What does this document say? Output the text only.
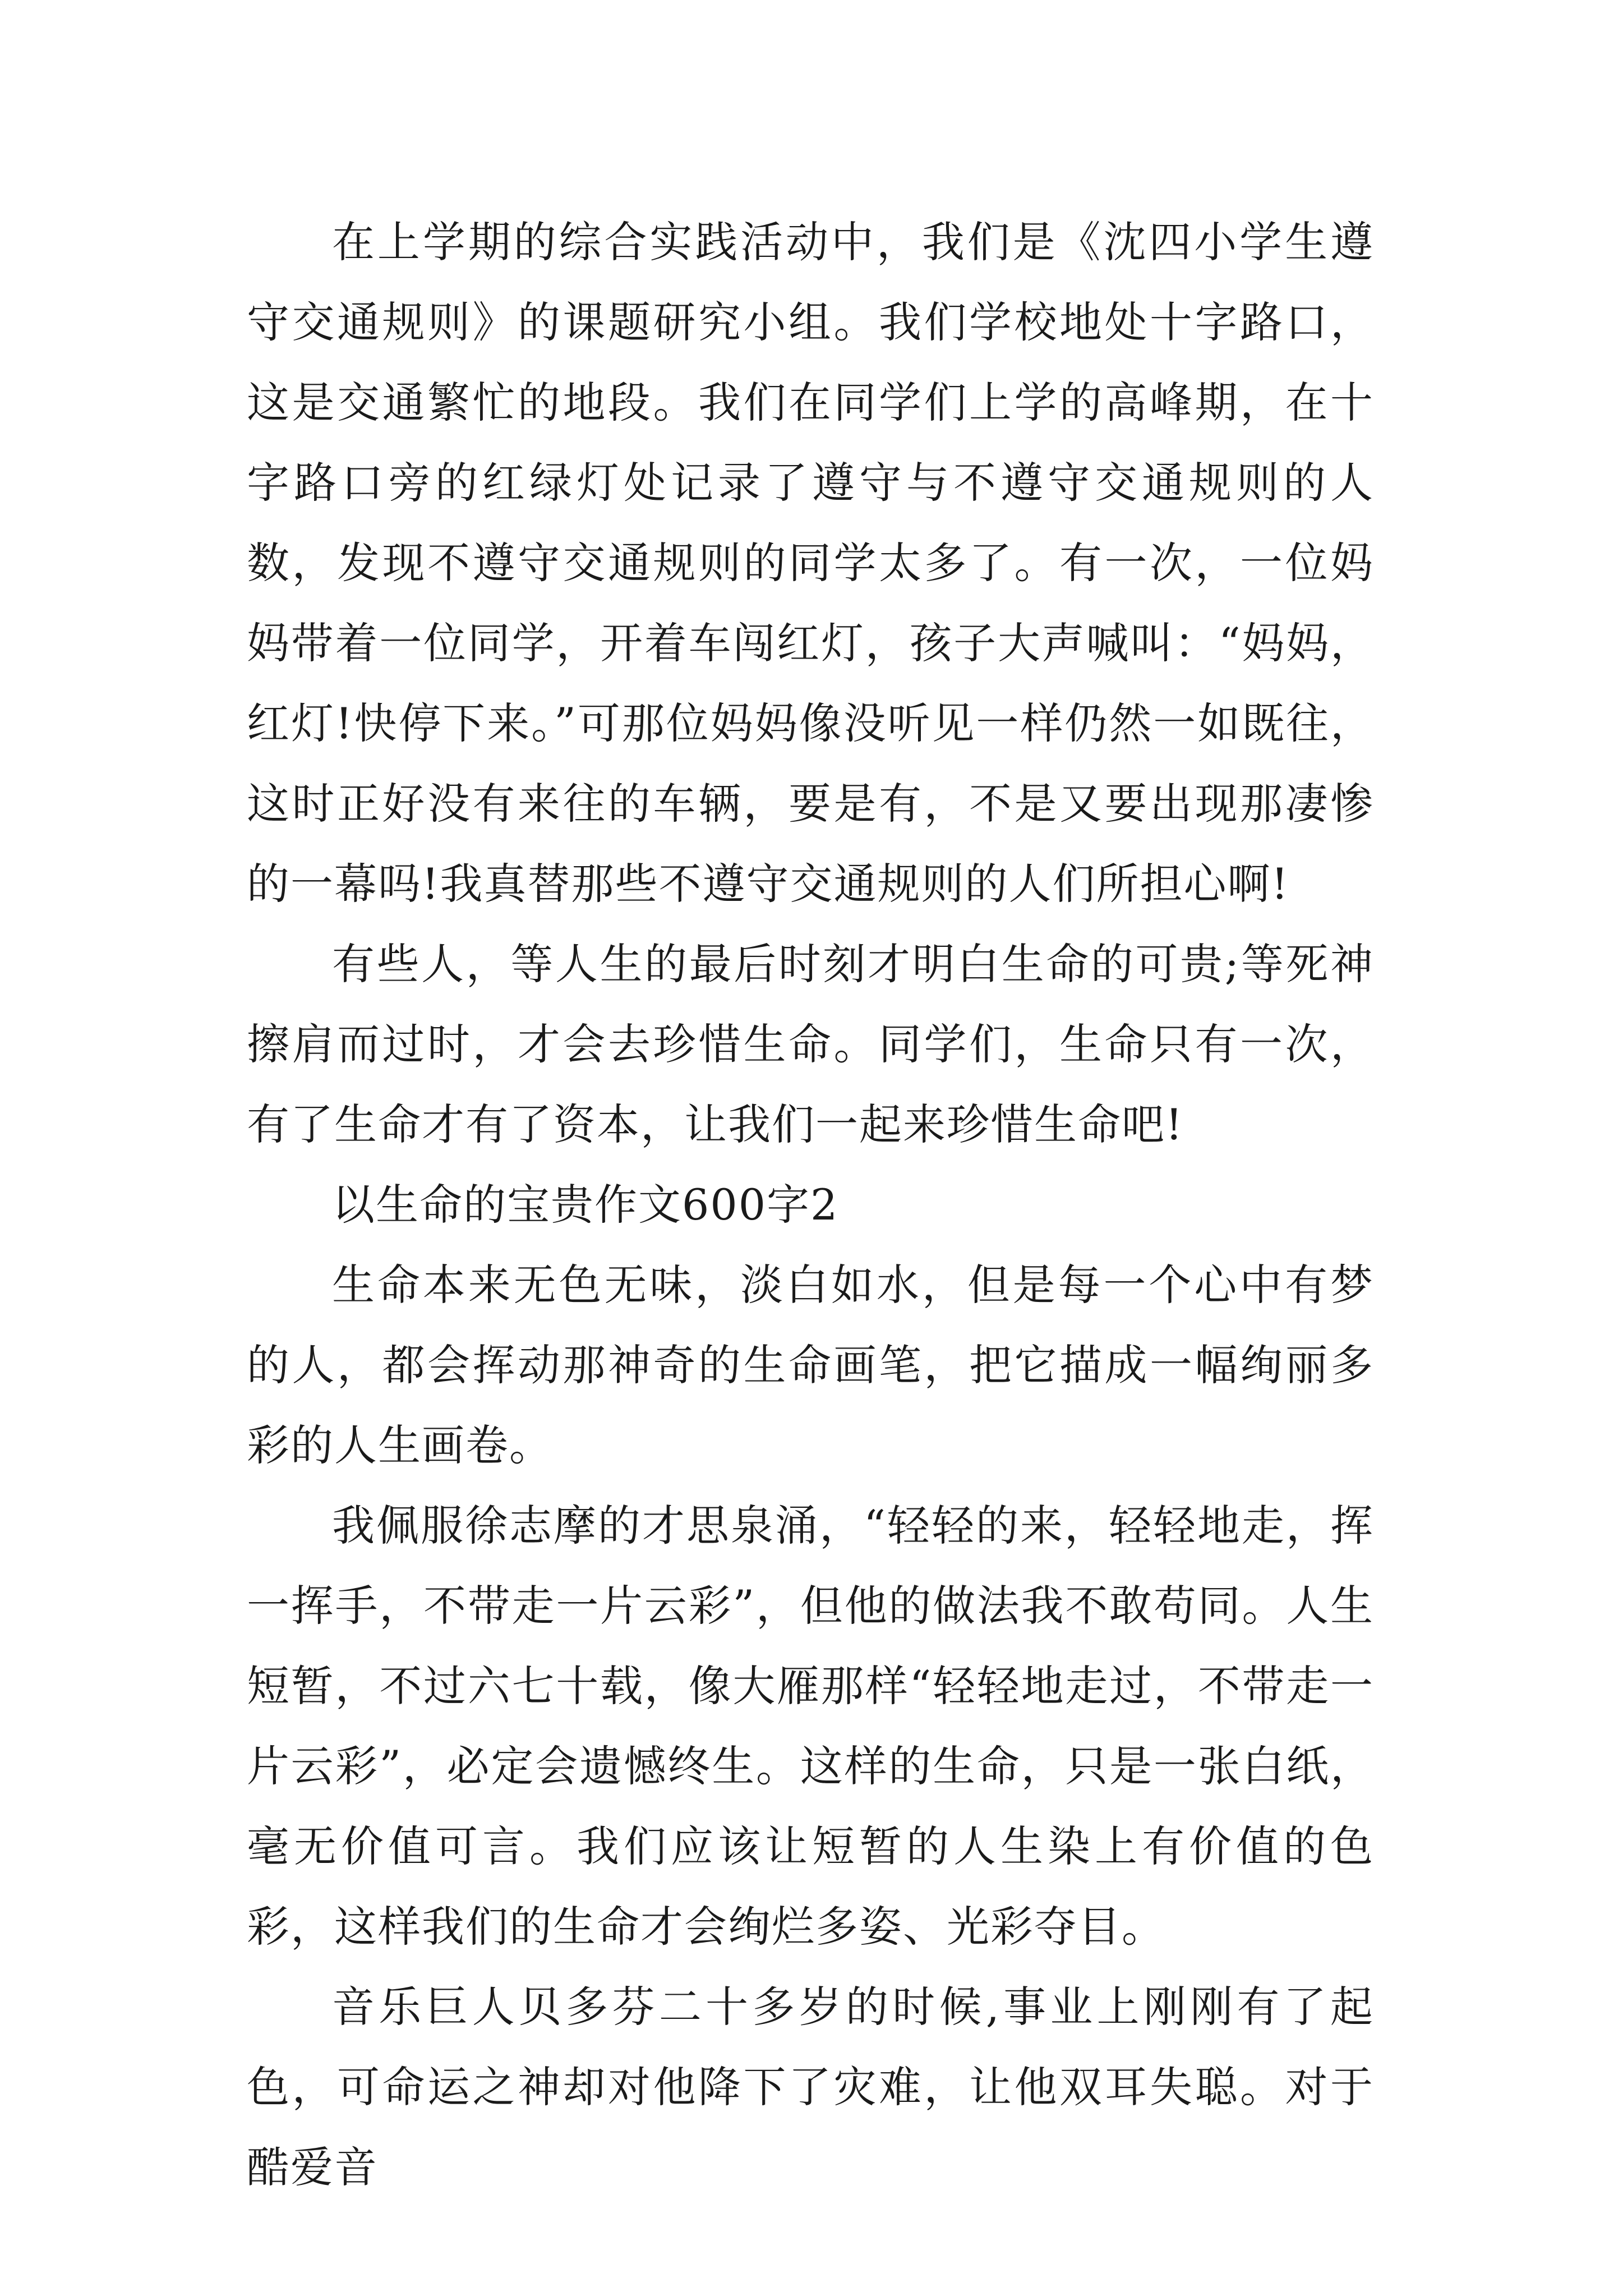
在上学期的综合实践活动中，我们是《沈四小学生遵守交通规则》的课题研究小组。我们学校地处十字路口，这是交通繁忙的地段。我们在同学们上学的高峰期，在十字路口旁的红绿灯处记录了遵守与不遵守交通规则的人数，发现不遵守交通规则的同学太多了。有一次，一位妈妈带着一位同学，开着车闯红灯，孩子大声喊叫：“妈妈，红灯!快停下来。”可那位妈妈像没听见一样仍然一如既往，这时正好没有来往的车辆，要是有，不是又要出现那凄惨的一幕吗!我真替那些不遵守交通规则的人们所担心啊!

有些人，等人生的最后时刻才明白生命的可贵;等死神擦肩而过时，才会去珍惜生命。同学们，生命只有一次，有了生命才有了资本，让我们一起来珍惜生命吧!

以生命的宝贵作文600字2

生命本来无色无味，淡白如水，但是每一个心中有梦的人，都会挥动那神奇的生命画笔，把它描成一幅绚丽多彩的人生画卷。

我佩服徐志摩的才思泉涌，“轻轻的来，轻轻地走，挥一挥手，不带走一片云彩”，但他的做法我不敢苟同。人生短暂，不过六七十载，像大雁那样“轻轻地走过，不带走一片云彩”，必定会遗憾终生。这样的生命，只是一张白纸，毫无价值可言。我们应该让短暂的人生染上有价值的色彩，这样我们的生命才会绚烂多姿、光彩夺目。

音乐巨人贝多芬二十多岁的时候,事业上刚刚有了起色，可命运之神却对他降下了灾难，让他双耳失聪。对于酷爱音
